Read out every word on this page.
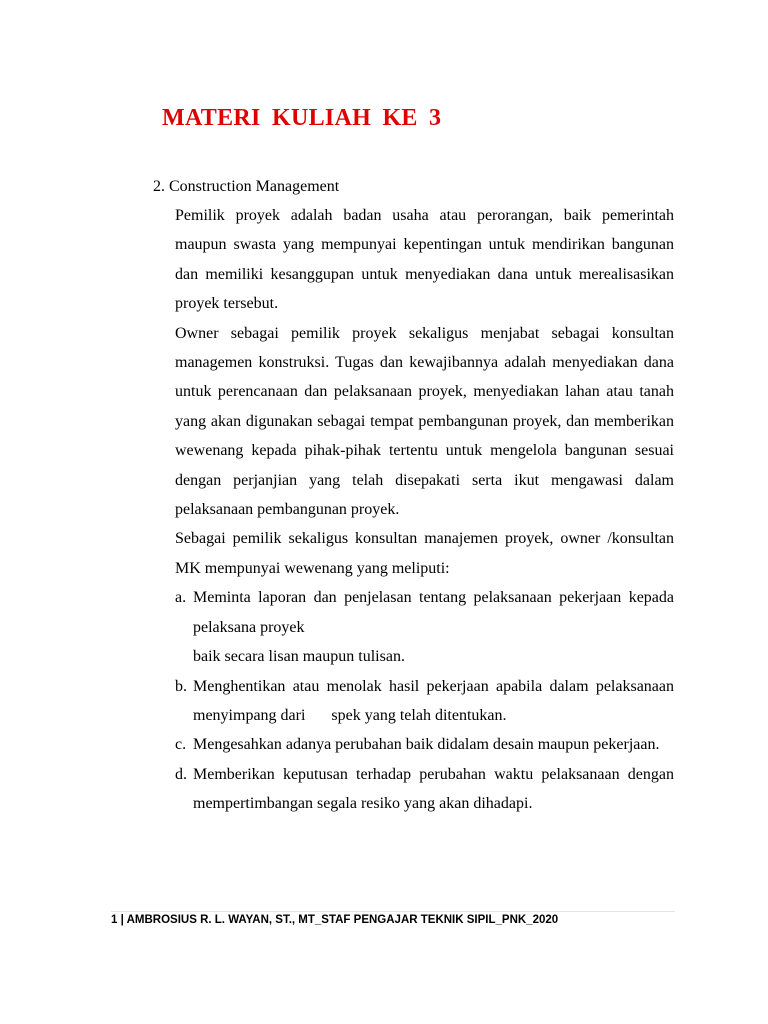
MATERI KULIAH KE 3

2. Construction Management

Pemilik proyek adalah badan usaha atau perorangan, baik pemerintah maupun swasta yang mempunyai kepentingan untuk mendirikan bangunan dan memiliki kesanggupan untuk menyediakan dana untuk merealisasikan proyek tersebut.

Owner sebagai pemilik proyek sekaligus menjabat sebagai konsultan managemen konstruksi. Tugas dan kewajibannya adalah menyediakan dana untuk perencanaan dan pelaksanaan proyek, menyediakan lahan atau tanah yang akan digunakan sebagai tempat pembangunan proyek, dan memberikan wewenang kepada pihak-pihak tertentu untuk mengelola bangunan sesuai dengan perjanjian yang telah disepakati serta ikut mengawasi dalam pelaksanaan pembangunan proyek.

Sebagai pemilik sekaligus konsultan manajemen proyek, owner /konsultan MK mempunyai wewenang yang meliputi:

a. Meminta laporan dan penjelasan tentang pelaksanaan pekerjaan kepada pelaksana proyek
baik secara lisan maupun tulisan.
b. Menghentikan atau menolak hasil pekerjaan apabila dalam pelaksanaan menyimpang dari spek yang telah ditentukan.
c. Mengesahkan adanya perubahan baik didalam desain maupun pekerjaan.
d. Memberikan keputusan terhadap perubahan waktu pelaksanaan dengan mempertimbangan segala resiko yang akan dihadapi.
1 | AMBROSIUS R. L. WAYAN, ST., MT_STAF PENGAJAR TEKNIK SIPIL_PNK_2020
